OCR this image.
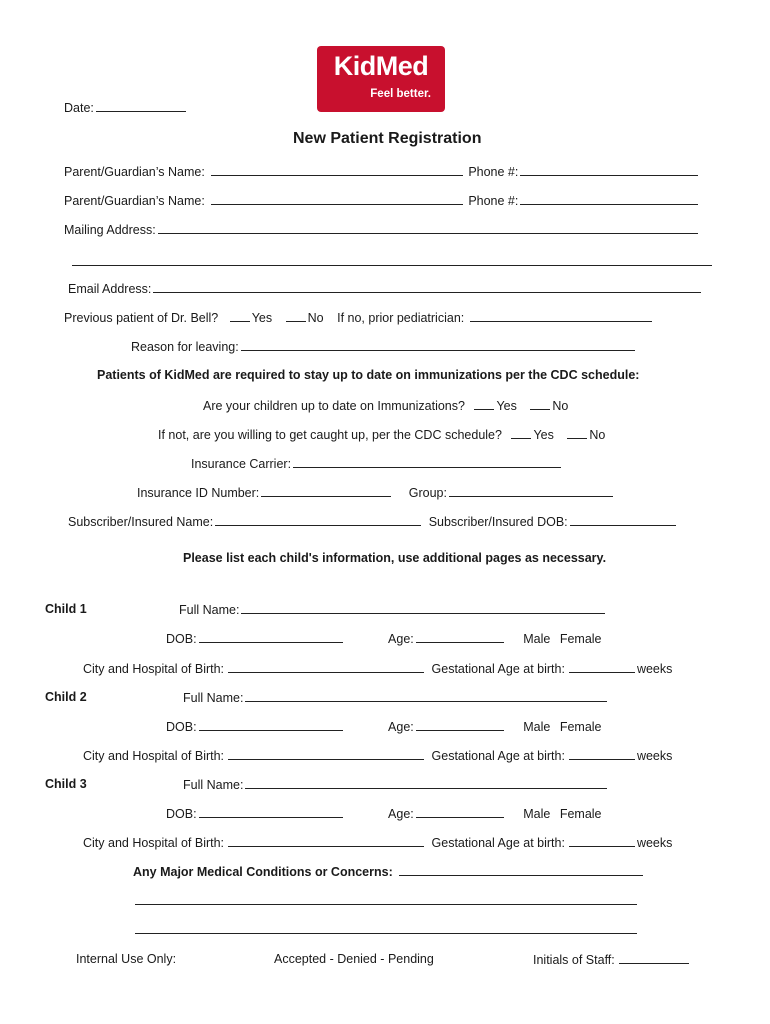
KidMed
Feel better.
Date:
New Patient Registration
Parent/Guardian’s Name:	Phone #:
Parent/Guardian’s Name:	Phone #:
Mailing Address:
Email Address:
Previous patient of Dr. Bell?	Yes	No If no, prior pediatrician:
Reason for leaving:
Patients of KidMed are required to stay up to date on immunizations per the CDC schedule:
Are your children up to date on Immunizations?	Yes	No
If not, are you willing to get caught up, per the CDC schedule?	Yes	No
Insurance Carrier:
Insurance ID Number:	Group:
Subscriber/Insured Name:	Subscriber/Insured DOB:
Please list each child's information, use additional pages as necessary.
Child 1	Full Name:
DOB:	Age:	Male Female
City and Hospital of Birth:	Gestational Age at birth:	weeks
Child 2	Full Name:
DOB:	Age:	Male Female
City and Hospital of Birth:	Gestational Age at birth:	weeks
Child 3	Full Name:
DOB:	Age:	Male Female
City and Hospital of Birth:	Gestational Age at birth:	weeks
Any Major Medical Conditions or Concerns:
Internal Use Only:	Accepted - Denied - Pending	Initials of Staff:
